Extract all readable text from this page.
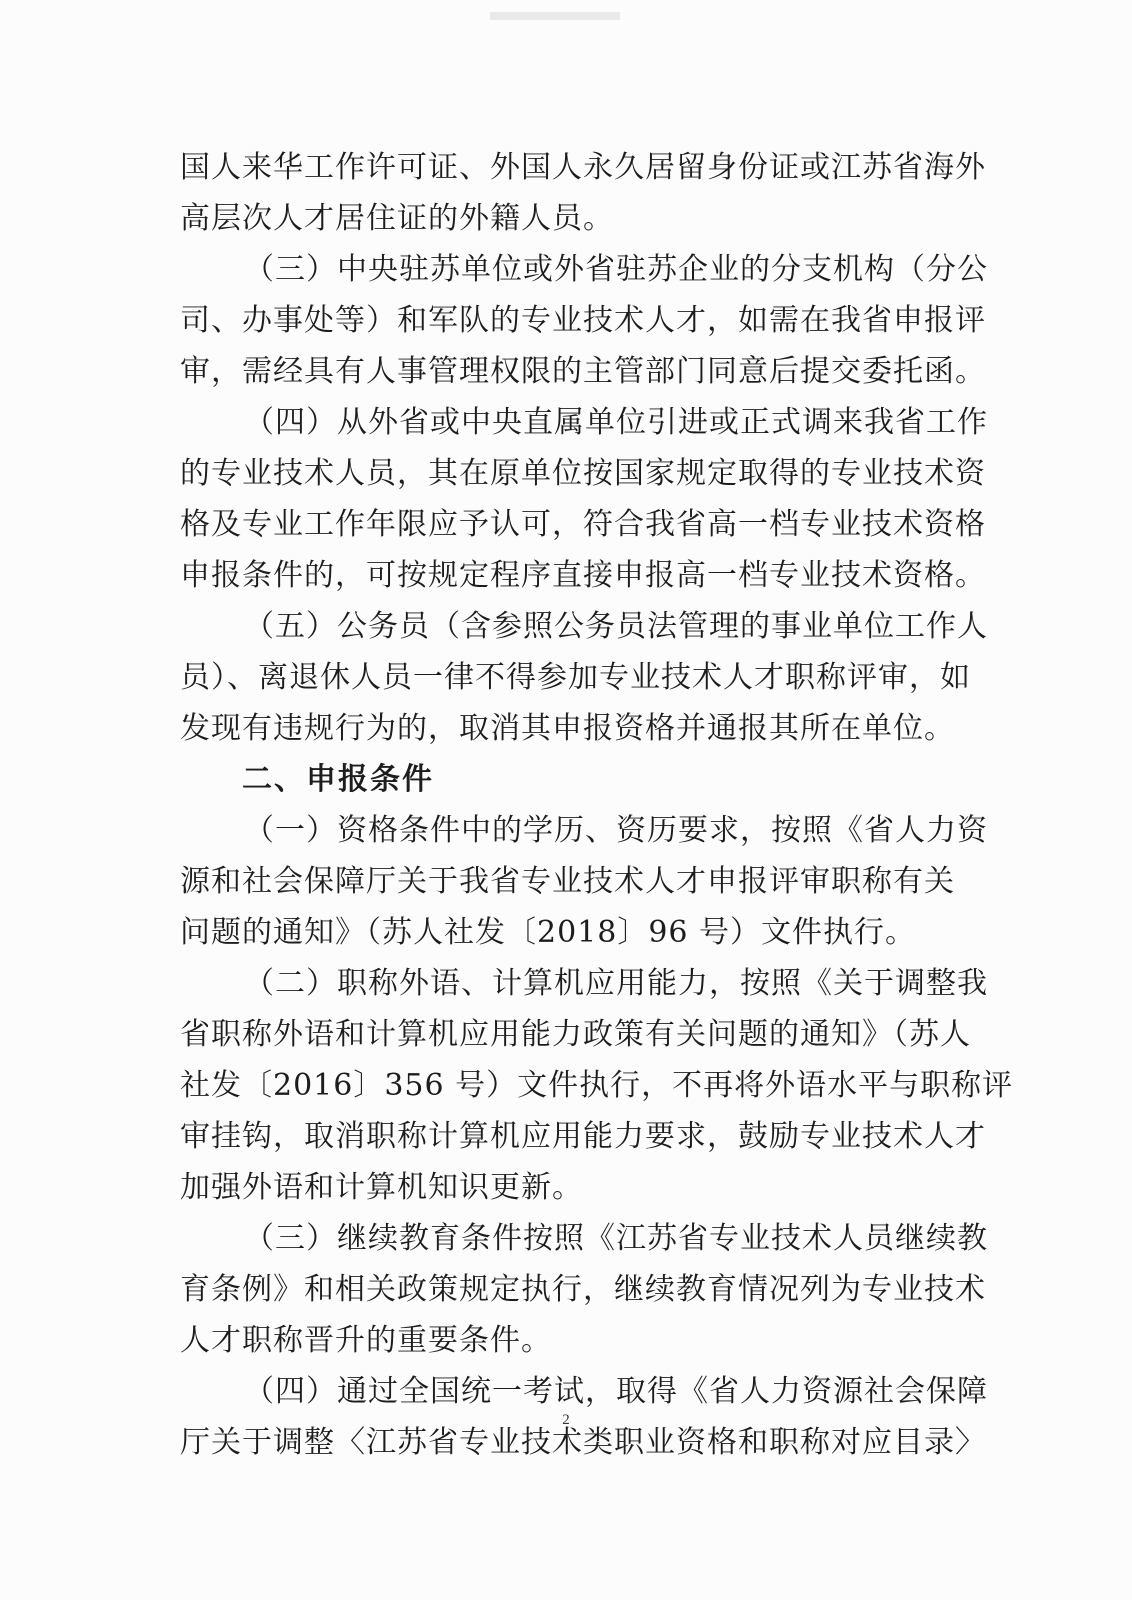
国人来华工作许可证、外国人永久居留身份证或江苏省海外
高层次人才居住证的外籍人员。
（三）中央驻苏单位或外省驻苏企业的分支机构（分公
司、办事处等）和军队的专业技术人才，如需在我省申报评
审，需经具有人事管理权限的主管部门同意后提交委托函。
（四）从外省或中央直属单位引进或正式调来我省工作
的专业技术人员，其在原单位按国家规定取得的专业技术资
格及专业工作年限应予认可，符合我省高一档专业技术资格
申报条件的，可按规定程序直接申报高一档专业技术资格。
（五）公务员（含参照公务员法管理的事业单位工作人
员）、离退休人员一律不得参加专业技术人才职称评审，如
发现有违规行为的，取消其申报资格并通报其所在单位。
二、申报条件
（一）资格条件中的学历、资历要求，按照《省人力资
源和社会保障厅关于我省专业技术人才申报评审职称有关
问题的通知》（苏人社发〔2018〕96 号）文件执行。
（二）职称外语、计算机应用能力，按照《关于调整我
省职称外语和计算机应用能力政策有关问题的通知》（苏人
社发〔2016〕356 号）文件执行，不再将外语水平与职称评
审挂钩，取消职称计算机应用能力要求，鼓励专业技术人才
加强外语和计算机知识更新。
（三）继续教育条件按照《江苏省专业技术人员继续教
育条例》和相关政策规定执行，继续教育情况列为专业技术
人才职称晋升的重要条件。
（四）通过全国统一考试，取得《省人力资源社会保障
厅关于调整〈江苏省专业技术类职业资格和职称对应目录〉
2
